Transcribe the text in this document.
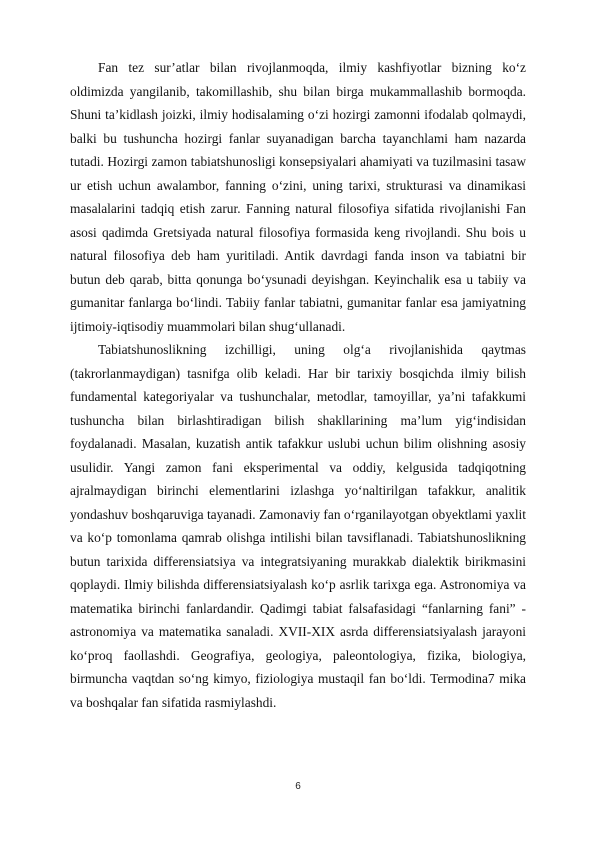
Fan tez sur’atlar bilan rivojlanmoqda, ilmiy kashfiyotlar bizning ko‘z oldimizda yangilanib, takomillashib, shu bilan birga mukammallashib bormoqda. Shuni ta’kidlash joizki, ilmiy hodisalaming o‘zi hozirgi zamonni ifodalab qolmaydi, balki bu tushuncha hozirgi fanlar suyanadigan barcha tayanchlami ham nazarda tutadi. Hozirgi zamon tabiatshunosligi konsepsiyalari ahamiyati va tuzilmasini tasaw ur etish uchun awalambor, fanning o‘zini, uning tarixi, strukturasi va dinamikasi masalalarini tadqiq etish zarur. Fanning natural filosofiya sifatida rivojlanishi Fan asosi qadimda Gretsiyada natural filosofiya formasida keng rivojlandi. Shu bois u natural filosofiya deb ham yuritiladi. Antik davrdagi fanda inson va tabiatni bir butun deb qarab, bitta qonunga bo‘ysunadi deyishgan. Keyinchalik esa u tabiiy va gumanitar fanlarga bo‘lindi. Tabiiy fanlar tabiatni, gumanitar fanlar esa jamiyatning ijtimoiy-iqtisodiy muammolari bilan shug‘ullanadi.

Tabiatshunoslikning izchilligi, uning olg‘a rivojlanishida qaytmas (takrorlanmaydigan) tasnifga olib keladi. Har bir tarixiy bosqichda ilmiy bilish fundamental kategoriyalar va tushunchalar, metodlar, tamoyillar, ya’ni tafakkumi tushuncha bilan birlashtiradigan bilish shakllarining ma’lum yig‘indisidan foydalanadi. Masalan, kuzatish antik tafakkur uslubi uchun bilim olishning asosiy usulidir. Yangi zamon fani eksperimental va oddiy, kelgusida tadqiqotning ajralmaydigan birinchi elementlarini izlashga yo‘naltirilgan tafakkur, analitik yondashuv boshqaruviga tayanadi. Zamonaviy fan o‘rganilayotgan obyektlami yaxlit va ko‘p tomonlama qamrab olishga intilishi bilan tavsiflanadi. Tabiatshunoslikning butun tarixida differensiatsiya va integratsiyaning murakkab dialektik birikmasini qoplaydi. Ilmiy bilishda differensiatsiyalash ko‘p asrlik tarixga ega. Astronomiya va matematika birinchi fanlardandir. Qadimgi tabiat falsafasidagi “fanlarning fani” - astronomiya va matematika sanaladi. XVII-XIX asrda differensiatsiyalash jarayoni ko‘proq faollashdi. Geografiya, geologiya, paleontologiya, fizika, biologiya, birmuncha vaqtdan so‘ng kimyo, fiziologiya mustaqil fan bo‘ldi. Termodina7 mika va boshqalar fan sifatida rasmiylashdi.

6
